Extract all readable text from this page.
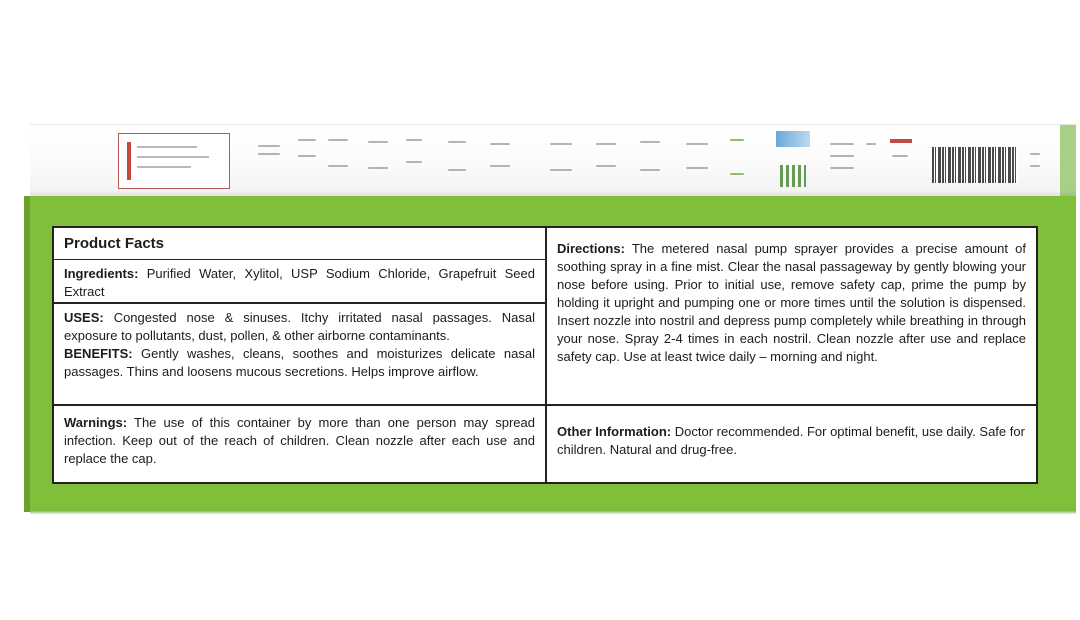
Product Facts
Ingredients: Purified Water, Xylitol, USP Sodium Chloride, Grapefruit Seed Extract
USES: Congested nose & sinuses. Itchy irritated nasal passages. Nasal exposure to pollutants, dust, pollen, & other airborne contaminants.
BENEFITS: Gently washes, cleans, soothes and moisturizes delicate nasal passages. Thins and loosens mucous secretions. Helps improve airflow.
Warnings: The use of this container by more than one person may spread infection. Keep out of the reach of children. Clean nozzle after each use and replace the cap.
Directions: The metered nasal pump sprayer provides a precise amount of soothing spray in a fine mist. Clear the nasal passageway by gently blowing your nose before using. Prior to initial use, remove safety cap, prime the pump by holding it upright and pumping one or more times until the solution is dispensed. Insert nozzle into nostril and depress pump completely while breathing in through your nose. Spray 2-4 times in each nostril. Clean nozzle after use and replace safety cap. Use at least twice daily – morning and night.
Other Information: Doctor recommended. For optimal benefit, use daily. Safe for children. Natural and drug-free.
